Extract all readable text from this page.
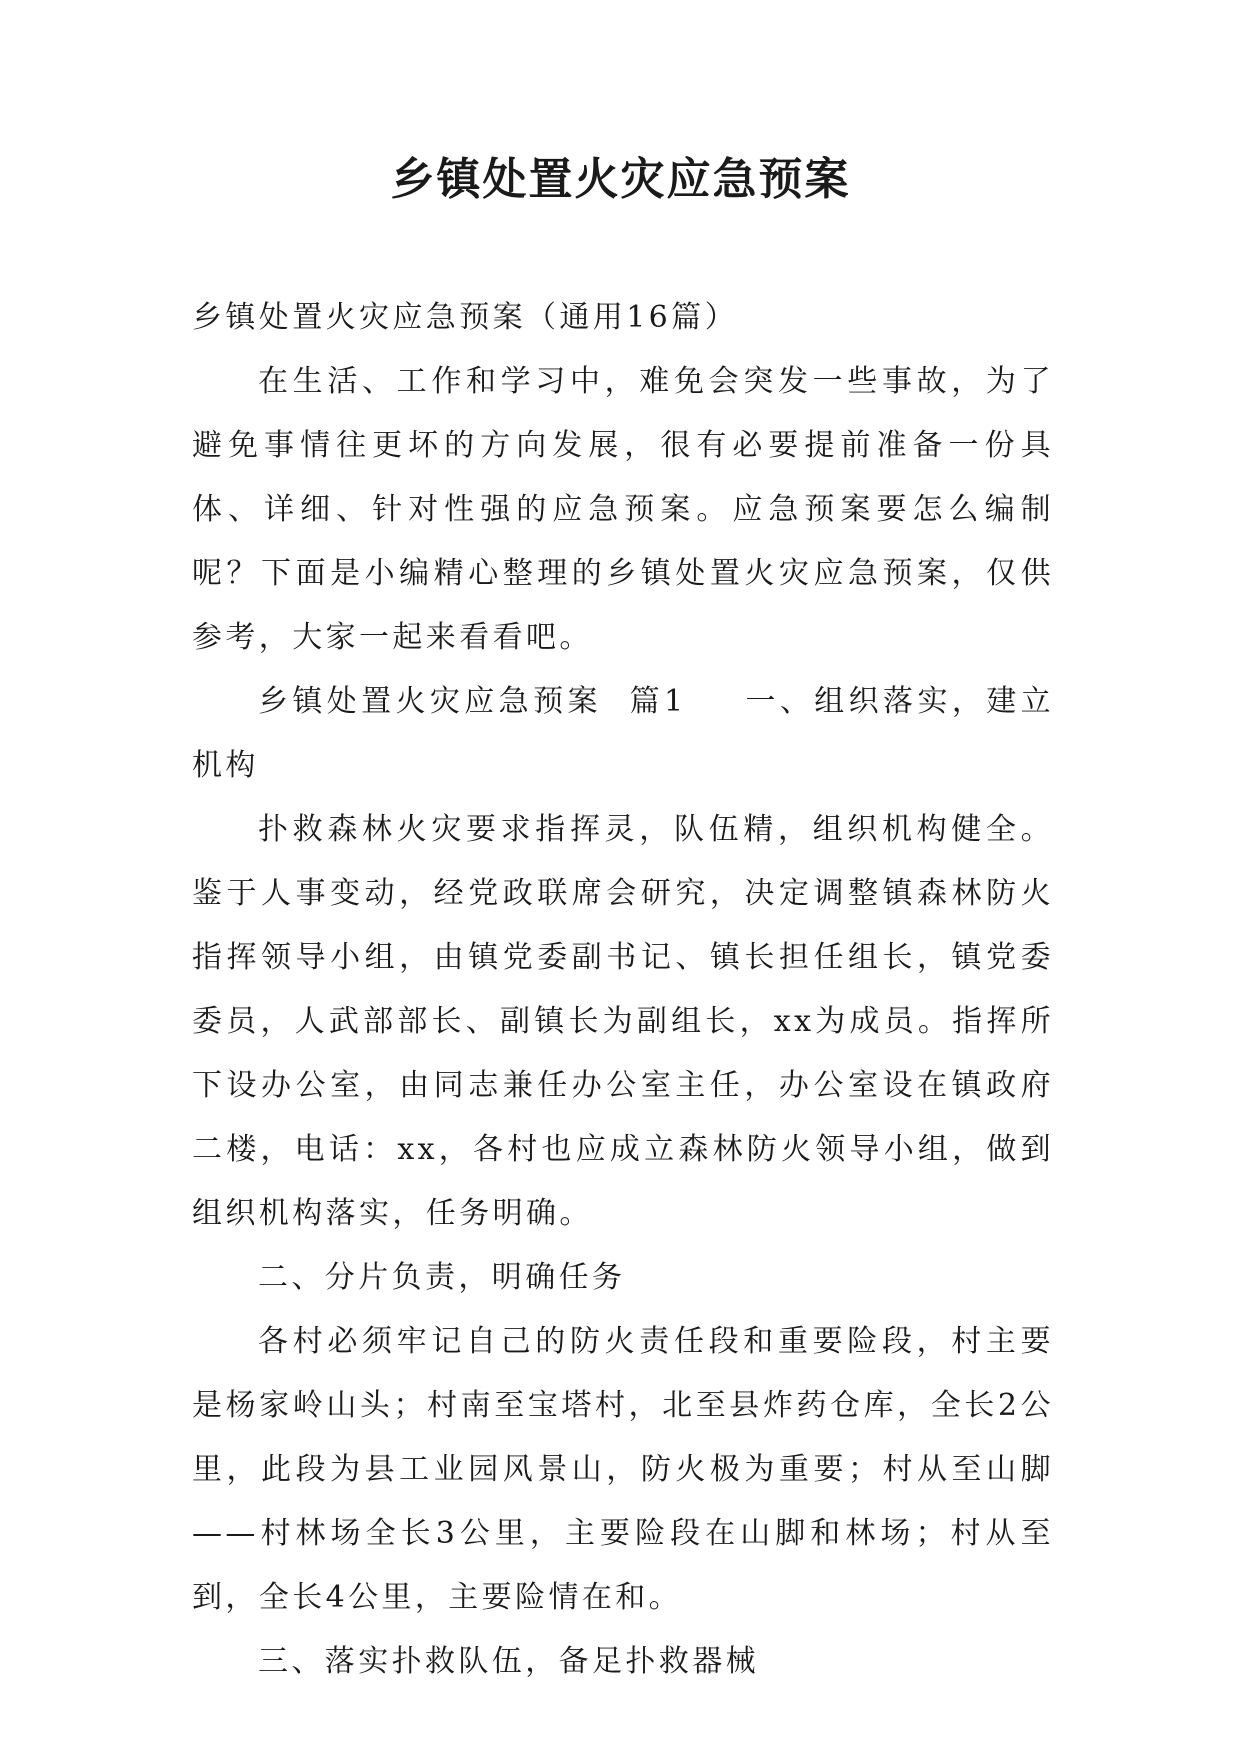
乡镇处置火灾应急预案

乡镇处置火灾应急预案（通用16篇）

在生活、工作和学习中，难免会突发一些事故，为了避免事情往更坏的方向发展，很有必要提前准备一份具体、详细、针对性强的应急预案。应急预案要怎么编制呢？下面是小编精心整理的乡镇处置火灾应急预案，仅供参考，大家一起来看看吧。

乡镇处置火灾应急预案  篇1 一、组织落实，建立机构

扑救森林火灾要求指挥灵，队伍精，组织机构健全。鉴于人事变动，经党政联席会研究，决定调整镇森林防火指挥领导小组，由镇党委副书记、镇长担任组长，镇党委委员，人武部部长、副镇长为副组长，xx为成员。指挥所下设办公室，由同志兼任办公室主任，办公室设在镇政府二楼，电话：xx，各村也应成立森林防火领导小组，做到组织机构落实，任务明确。

二、分片负责，明确任务

各村必须牢记自己的防火责任段和重要险段，村主要是杨家岭山头；村南至宝塔村，北至县炸药仓库，全长2公里，此段为县工业园风景山，防火极为重要；村从至山脚——村林场全长3公里，主要险段在山脚和林场；村从至到，全长4公里，主要险情在和。

三、落实扑救队伍，备足扑救器械
